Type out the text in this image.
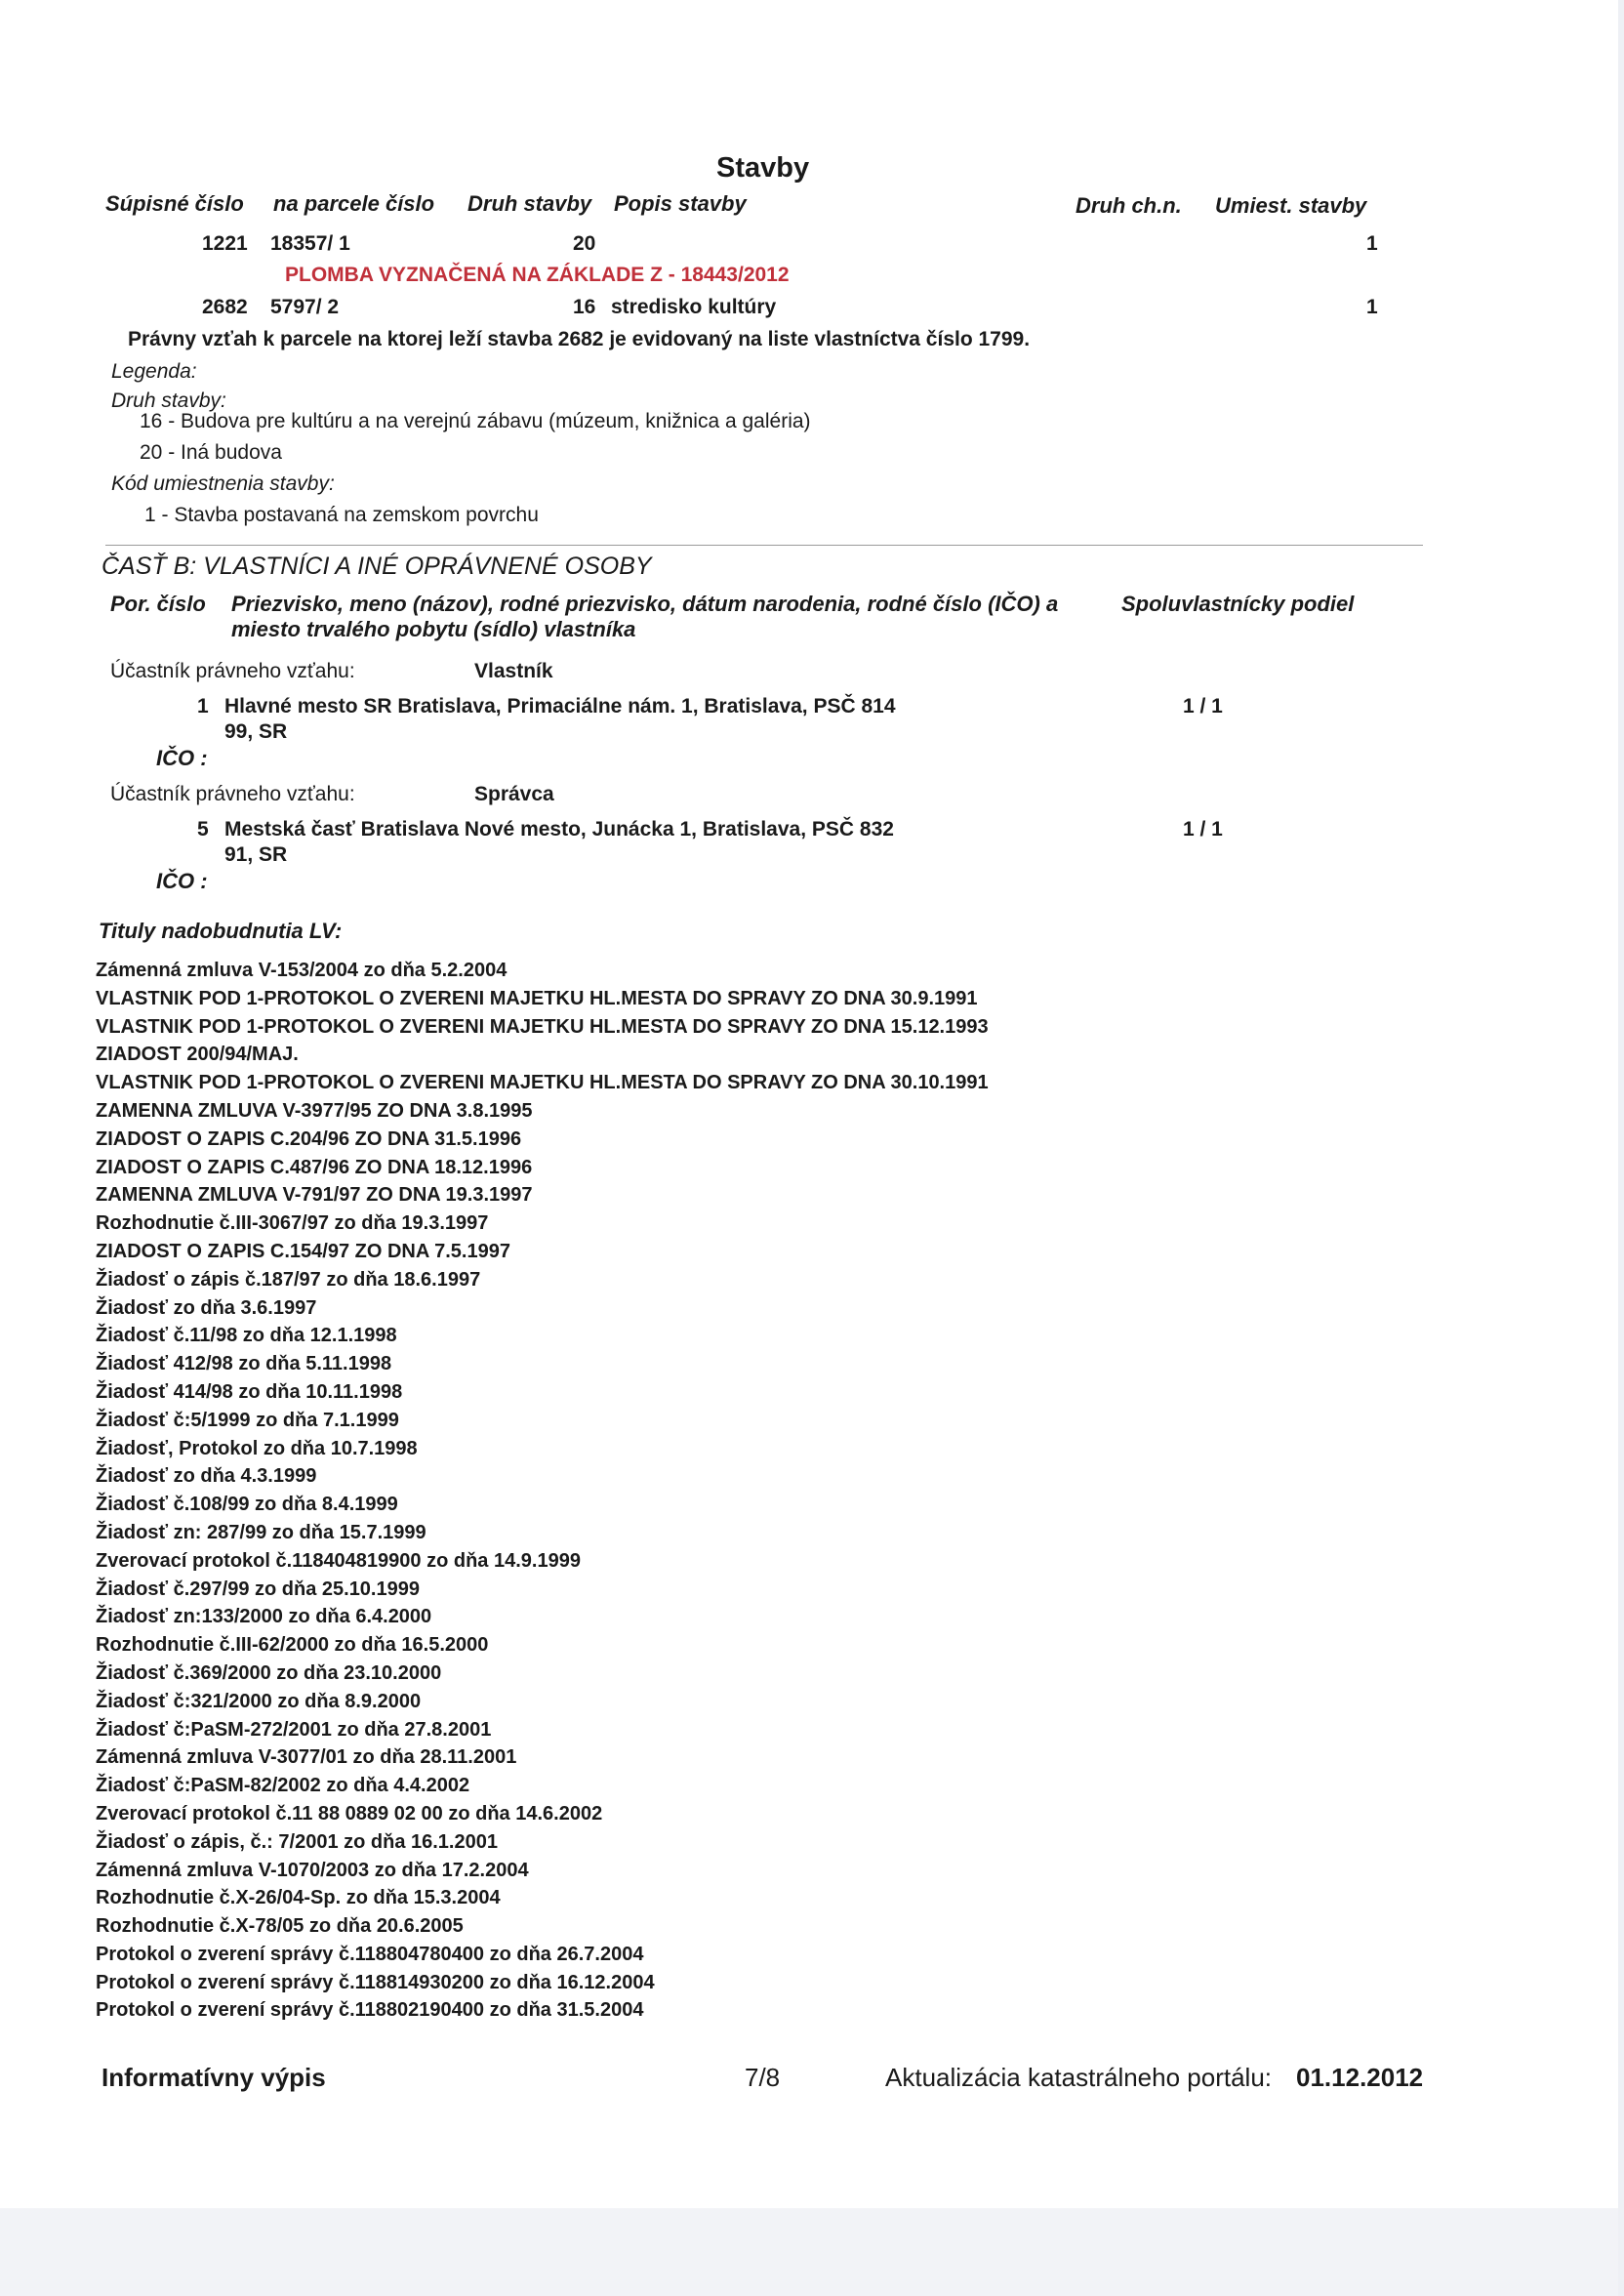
Stavby
Súpisné číslo na parcele číslo Druh stavby Popis stavby	Druh ch.n. Umiest. stavby
1221 18357/ 1	20	1
PLOMBA VYZNAČENÁ NA ZÁKLADE Z - 18443/2012
2682 5797/ 2	16 stredisko kultúry	1
Právny vzťah k parcele na ktorej leží stavba 2682 je evidovaný na liste vlastníctva číslo 1799.
Legenda:
Druh stavby:
16 - Budova pre kultúru a na verejnú zábavu (múzeum, knižnica a galéria)
20 - Iná budova
Kód umiestnenia stavby:
1 - Stavba postavaná na zemskom povrchu
ČASŤ B: VLASTNÍCI A INÉ OPRÁVNENÉ OSOBY
Por. číslo Priezvisko, meno (názov), rodné priezvisko, dátum narodenia, rodné číslo (IČO) a
miesto trvalého pobytu (sídlo) vlastníka
Spoluvlastnícky podiel
Účastník právneho vzťahu:	Vlastník
1 Hlavné mesto SR Bratislava, Primaciálne nám. 1, Bratislava, PSČ 814
99, SR
1 / 1
IČO :
Účastník právneho vzťahu:	Správca
5 Mestská časť Bratislava Nové mesto, Junácka 1, Bratislava, PSČ 832
91, SR
1 / 1
IČO :
Tituly nadobudnutia LV:
Zámenná zmluva V-153/2004 zo dňa 5.2.2004
VLASTNIK POD 1-PROTOKOL O ZVERENI MAJETKU HL.MESTA DO SPRAVY ZO DNA 30.9.1991
VLASTNIK POD 1-PROTOKOL O ZVERENI MAJETKU HL.MESTA DO SPRAVY ZO DNA 15.12.1993
ZIADOST 200/94/MAJ.
VLASTNIK POD 1-PROTOKOL O ZVERENI MAJETKU HL.MESTA DO SPRAVY ZO DNA 30.10.1991
ZAMENNA ZMLUVA V-3977/95 ZO DNA 3.8.1995
ZIADOST O ZAPIS C.204/96 ZO DNA 31.5.1996
ZIADOST O ZAPIS C.487/96 ZO DNA 18.12.1996
ZAMENNA ZMLUVA V-791/97 ZO DNA 19.3.1997
Rozhodnutie č.III-3067/97 zo dňa 19.3.1997
ZIADOST O ZAPIS C.154/97 ZO DNA 7.5.1997
Žiadosť o zápis č.187/97 zo dňa 18.6.1997
Žiadosť zo dňa 3.6.1997
Žiadosť č.11/98 zo dňa 12.1.1998
Žiadosť 412/98 zo dňa 5.11.1998
Žiadosť 414/98 zo dňa 10.11.1998
Žiadosť č:5/1999 zo dňa 7.1.1999
Žiadosť, Protokol zo dňa 10.7.1998
Žiadosť zo dňa 4.3.1999
Žiadosť č.108/99 zo dňa 8.4.1999
Žiadosť zn: 287/99 zo dňa 15.7.1999
Zverovací protokol č.118404819900 zo dňa 14.9.1999
Žiadosť č.297/99 zo dňa 25.10.1999
Žiadosť zn:133/2000 zo dňa 6.4.2000
Rozhodnutie č.III-62/2000 zo dňa 16.5.2000
Žiadosť č.369/2000 zo dňa 23.10.2000
Žiadosť č:321/2000 zo dňa 8.9.2000
Žiadosť č:PaSM-272/2001 zo dňa 27.8.2001
Zámenná zmluva V-3077/01 zo dňa 28.11.2001
Žiadosť č:PaSM-82/2002 zo dňa 4.4.2002
Zverovací protokol č.11 88 0889 02 00 zo dňa 14.6.2002
Žiadosť o zápis, č.: 7/2001 zo dňa 16.1.2001
Zámenná zmluva V-1070/2003 zo dňa 17.2.2004
Rozhodnutie č.X-26/04-Sp. zo dňa 15.3.2004
Rozhodnutie č.X-78/05 zo dňa 20.6.2005
Protokol o zverení správy č.118804780400 zo dňa 26.7.2004
Protokol o zverení správy č.118814930200 zo dňa 16.12.2004
Protokol o zverení správy č.118802190400 zo dňa 31.5.2004
Informatívny výpis	7/8	Aktualizácia katastrálneho portálu: 01.12.2012
